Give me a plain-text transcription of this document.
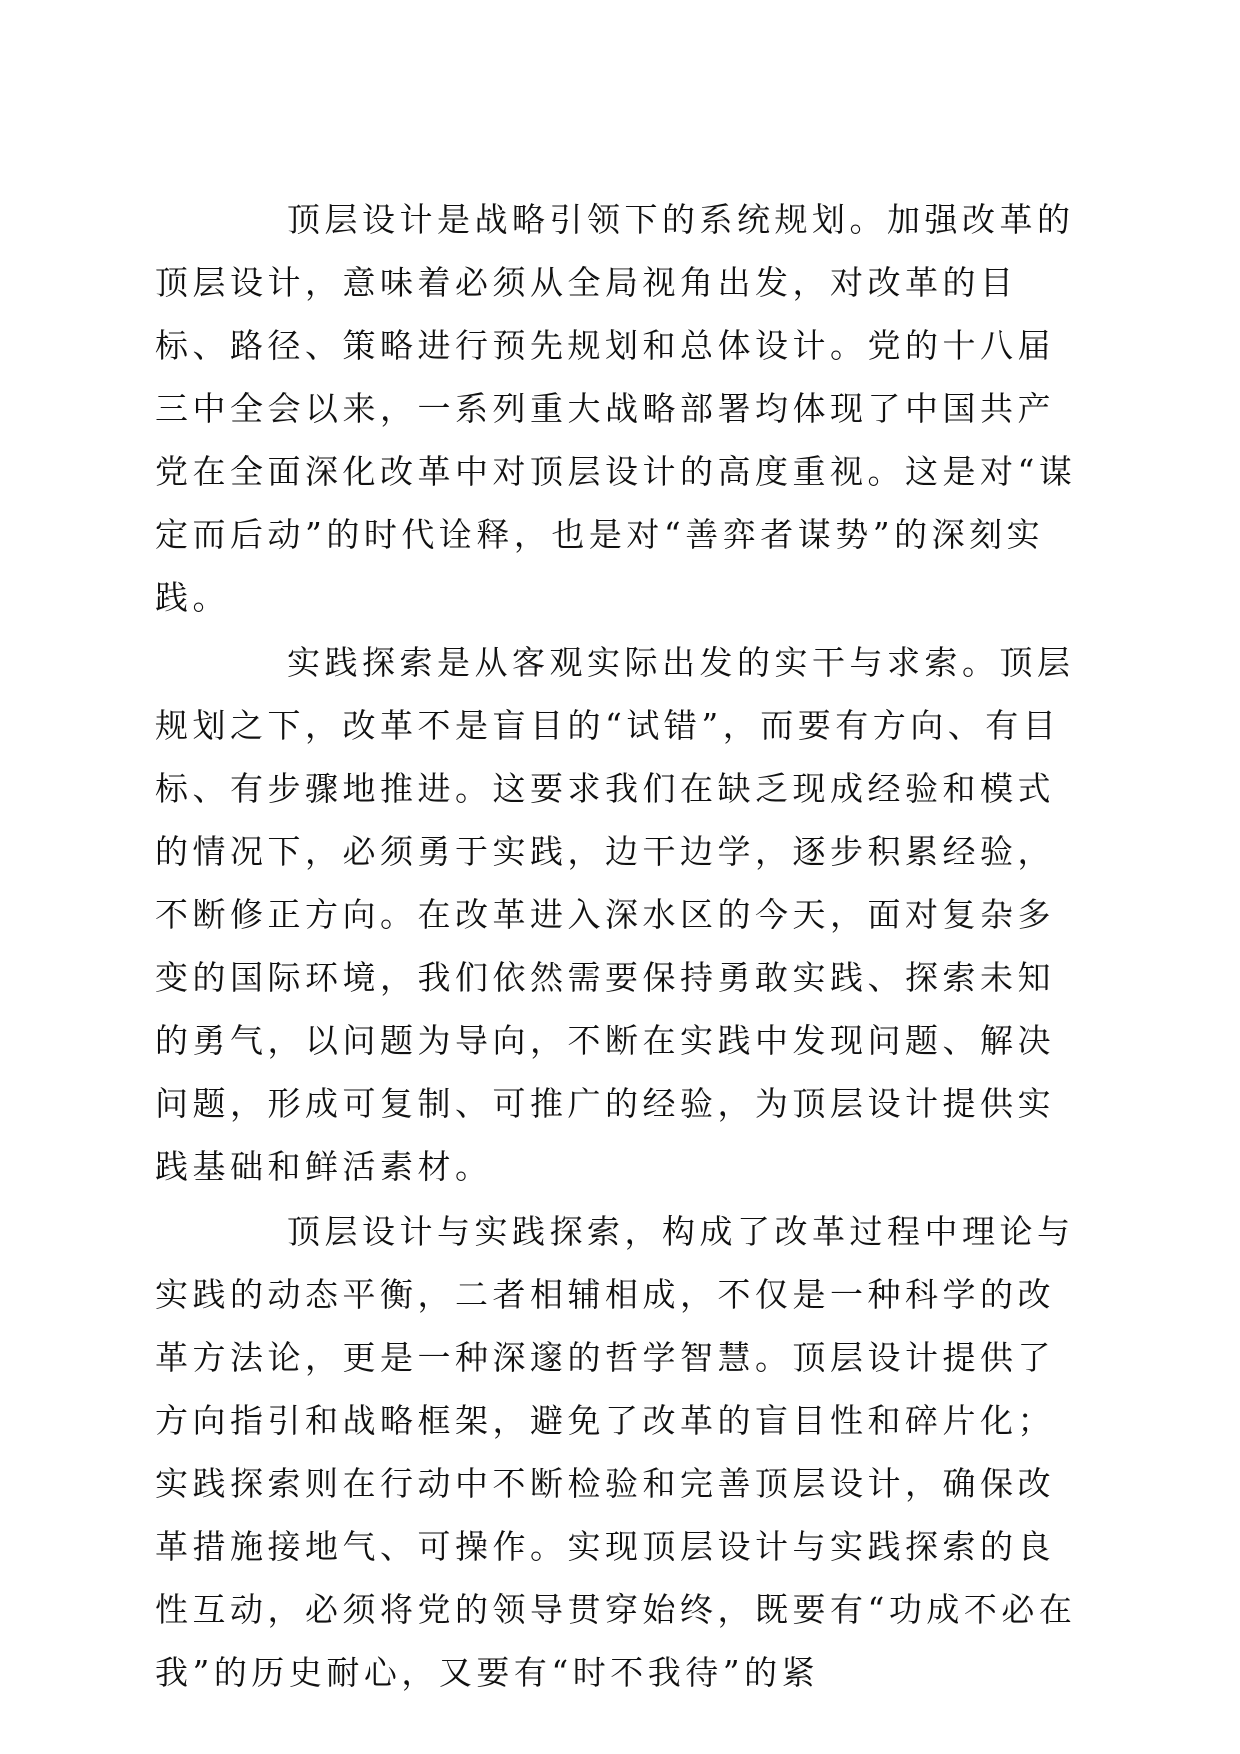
顶层设计是战略引领下的系统规划。加强改革的顶层设计，意味着必须从全局视角出发，对改革的目标、路径、策略进行预先规划和总体设计。党的十八届三中全会以来，一系列重大战略部署均体现了中国共产党在全面深化改革中对顶层设计的高度重视。这是对“谋定而后动”的时代诠释，也是对“善弈者谋势”的深刻实践。

实践探索是从客观实际出发的实干与求索。顶层规划之下，改革不是盲目的“试错”，而要有方向、有目标、有步骤地推进。这要求我们在缺乏现成经验和模式的情况下，必须勇于实践，边干边学，逐步积累经验，不断修正方向。在改革进入深水区的今天，面对复杂多变的国际环境，我们依然需要保持勇敢实践、探索未知的勇气，以问题为导向，不断在实践中发现问题、解决问题，形成可复制、可推广的经验，为顶层设计提供实践基础和鲜活素材。

顶层设计与实践探索，构成了改革过程中理论与实践的动态平衡，二者相辅相成，不仅是一种科学的改革方法论，更是一种深邃的哲学智慧。顶层设计提供了方向指引和战略框架，避免了改革的盲目性和碎片化；实践探索则在行动中不断检验和完善顶层设计，确保改革措施接地气、可操作。实现顶层设计与实践探索的良性互动，必须将党的领导贯穿始终，既要有“功成不必在我”的历史耐心，又要有“时不我待”的紧
